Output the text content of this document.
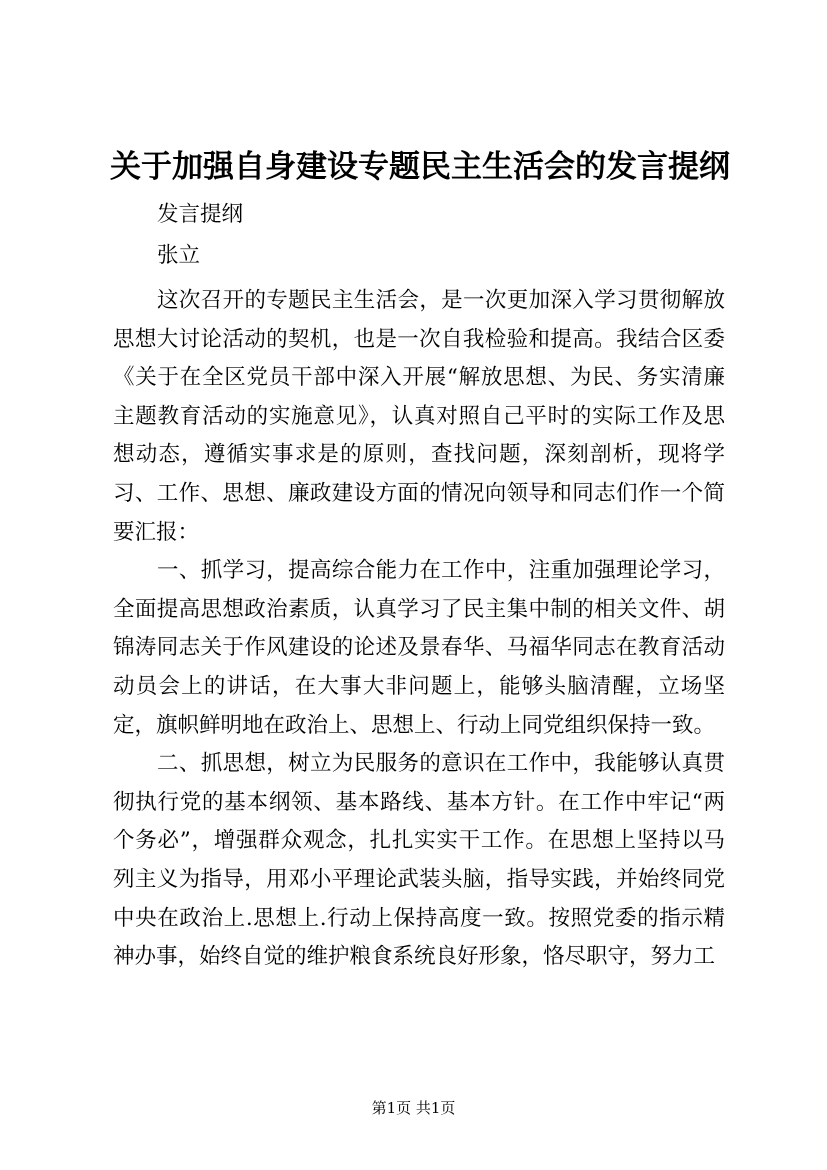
关于加强自身建设专题民主生活会的发言提纲
发言提纲
张立

这次召开的专题民主生活会，是一次更加深入学习贯彻解放思想大讨论活动的契机，也是一次自我检验和提高。我结合区委《关于在全区党员干部中深入开展“解放思想、为民、务实清廉主题教育活动的实施意见》，认真对照自己平时的实际工作及思想动态，遵循实事求是的原则，查找问题，深刻剖析，现将学习、工作、思想、廉政建设方面的情况向领导和同志们作一个简要汇报：

一、抓学习，提高综合能力在工作中，注重加强理论学习，全面提高思想政治素质，认真学习了民主集中制的相关文件、胡锦涛同志关于作风建设的论述及景春华、马福华同志在教育活动动员会上的讲话，在大事大非问题上，能够头脑清醒，立场坚定，旗帜鲜明地在政治上、思想上、行动上同党组织保持一致。

二、抓思想，树立为民服务的意识在工作中，我能够认真贯彻执行党的基本纲领、基本路线、基本方针。在工作中牢记“两个务必”，增强群众观念，扎扎实实干工作。在思想上坚持以马列主义为指导，用邓小平理论武装头脑，指导实践，并始终同党中央在政治上.思想上.行动上保持高度一致。按照党委的指示精神办事，始终自觉的维护粮食系统良好形象，恪尽职守，努力工

第1页 共1页
